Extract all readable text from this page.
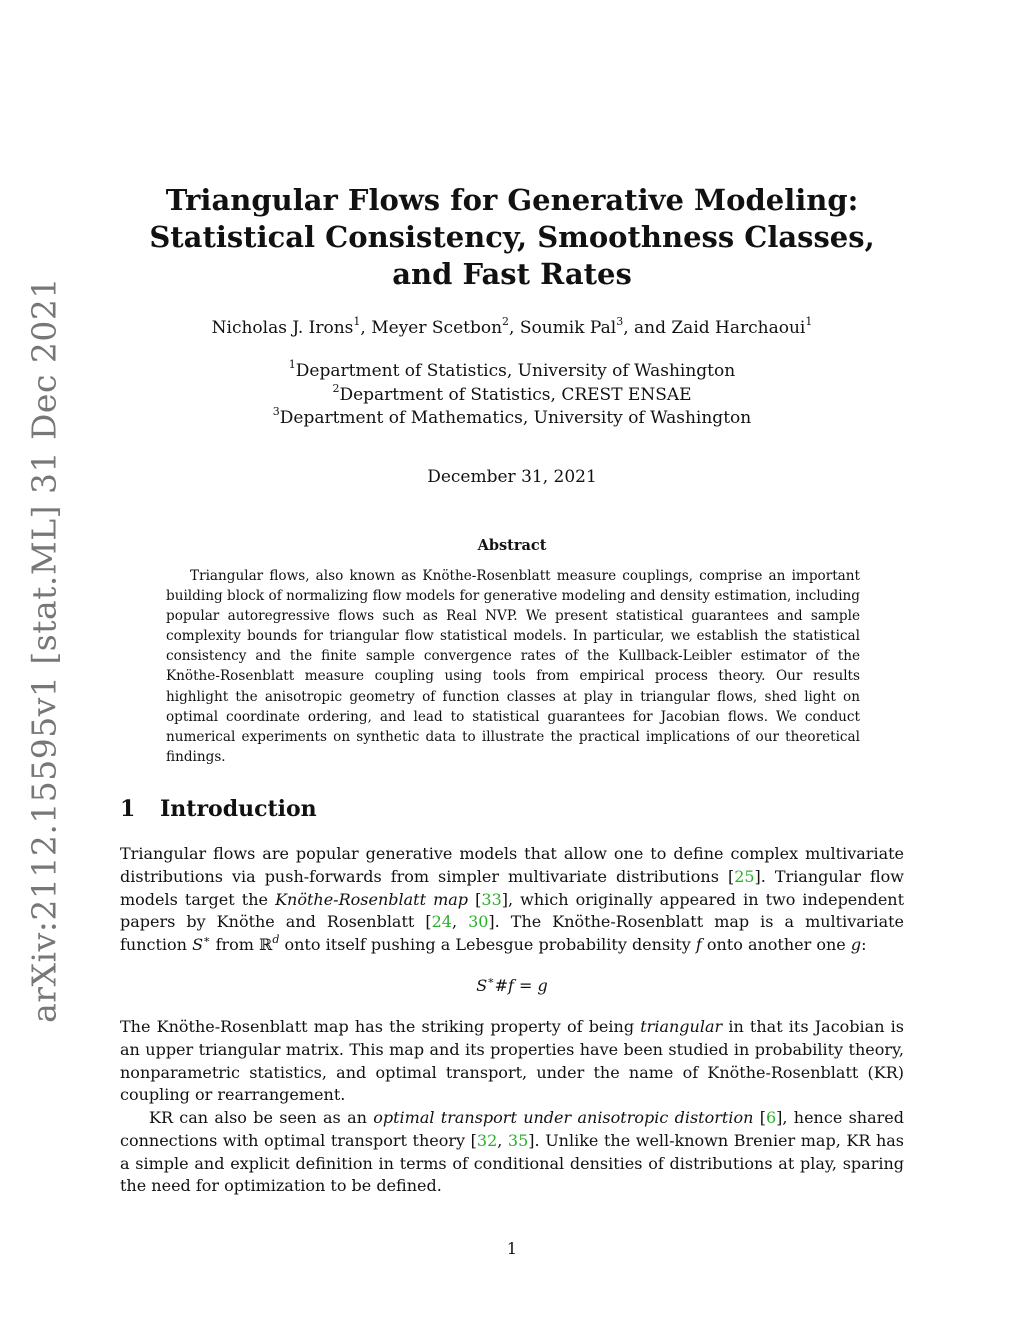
arXiv:2112.15595v1 [stat.ML] 31 Dec 2021
Triangular Flows for Generative Modeling:
Statistical Consistency, Smoothness Classes,
and Fast Rates
Nicholas J. Irons$^1$, Meyer Scetbon$^2$, Soumik Pal$^3$, and Zaid Harchaoui$^1$
$^1$Department of Statistics, University of Washington
$^2$Department of Statistics, CREST ENSAE
$^3$Department of Mathematics, University of Washington
December 31, 2021
Abstract

Triangular flows, also known as Knöthe-Rosenblatt measure couplings, comprise an important building block of normalizing flow models for generative modeling and density estimation, including popular autoregressive flows such as Real NVP. We present statistical guarantees and sample complexity bounds for triangular flow statistical models. In particular, we establish the statistical consistency and the finite sample convergence rates of the Kullback-Leibler estimator of the Knöthe-Rosenblatt measure coupling using tools from empirical process theory. Our results highlight the anisotropic geometry of function classes at play in triangular flows, shed light on optimal coordinate ordering, and lead to statistical guarantees for Jacobian flows. We conduct numerical experiments on synthetic data to illustrate the practical implications of our theoretical findings.

1 Introduction

Triangular flows are popular generative models that allow one to define complex multivariate distributions via push-forwards from simpler multivariate distributions [25]. Triangular flow models target the Knöthe-Rosenblatt map [33], which originally appeared in two independent papers by Knöthe and Rosenblatt [24, 30]. The Knöthe-Rosenblatt map is a multivariate function S∗ from ℝ$^d$ onto itself pushing a Lebesgue probability density f onto another one g:

S∗#f = g

The Knöthe-Rosenblatt map has the striking property of being triangular in that its Jacobian is an upper triangular matrix. This map and its properties have been studied in probability theory, nonparametric statistics, and optimal transport, under the name of Knöthe-Rosenblatt (KR) coupling or rearrangement.

KR can also be seen as an optimal transport under anisotropic distortion [6], hence shared connections with optimal transport theory [32, 35]. Unlike the well-known Brenier map, KR has a simple and explicit definition in terms of conditional densities of distributions at play, sparing the need for optimization to be defined.

1
